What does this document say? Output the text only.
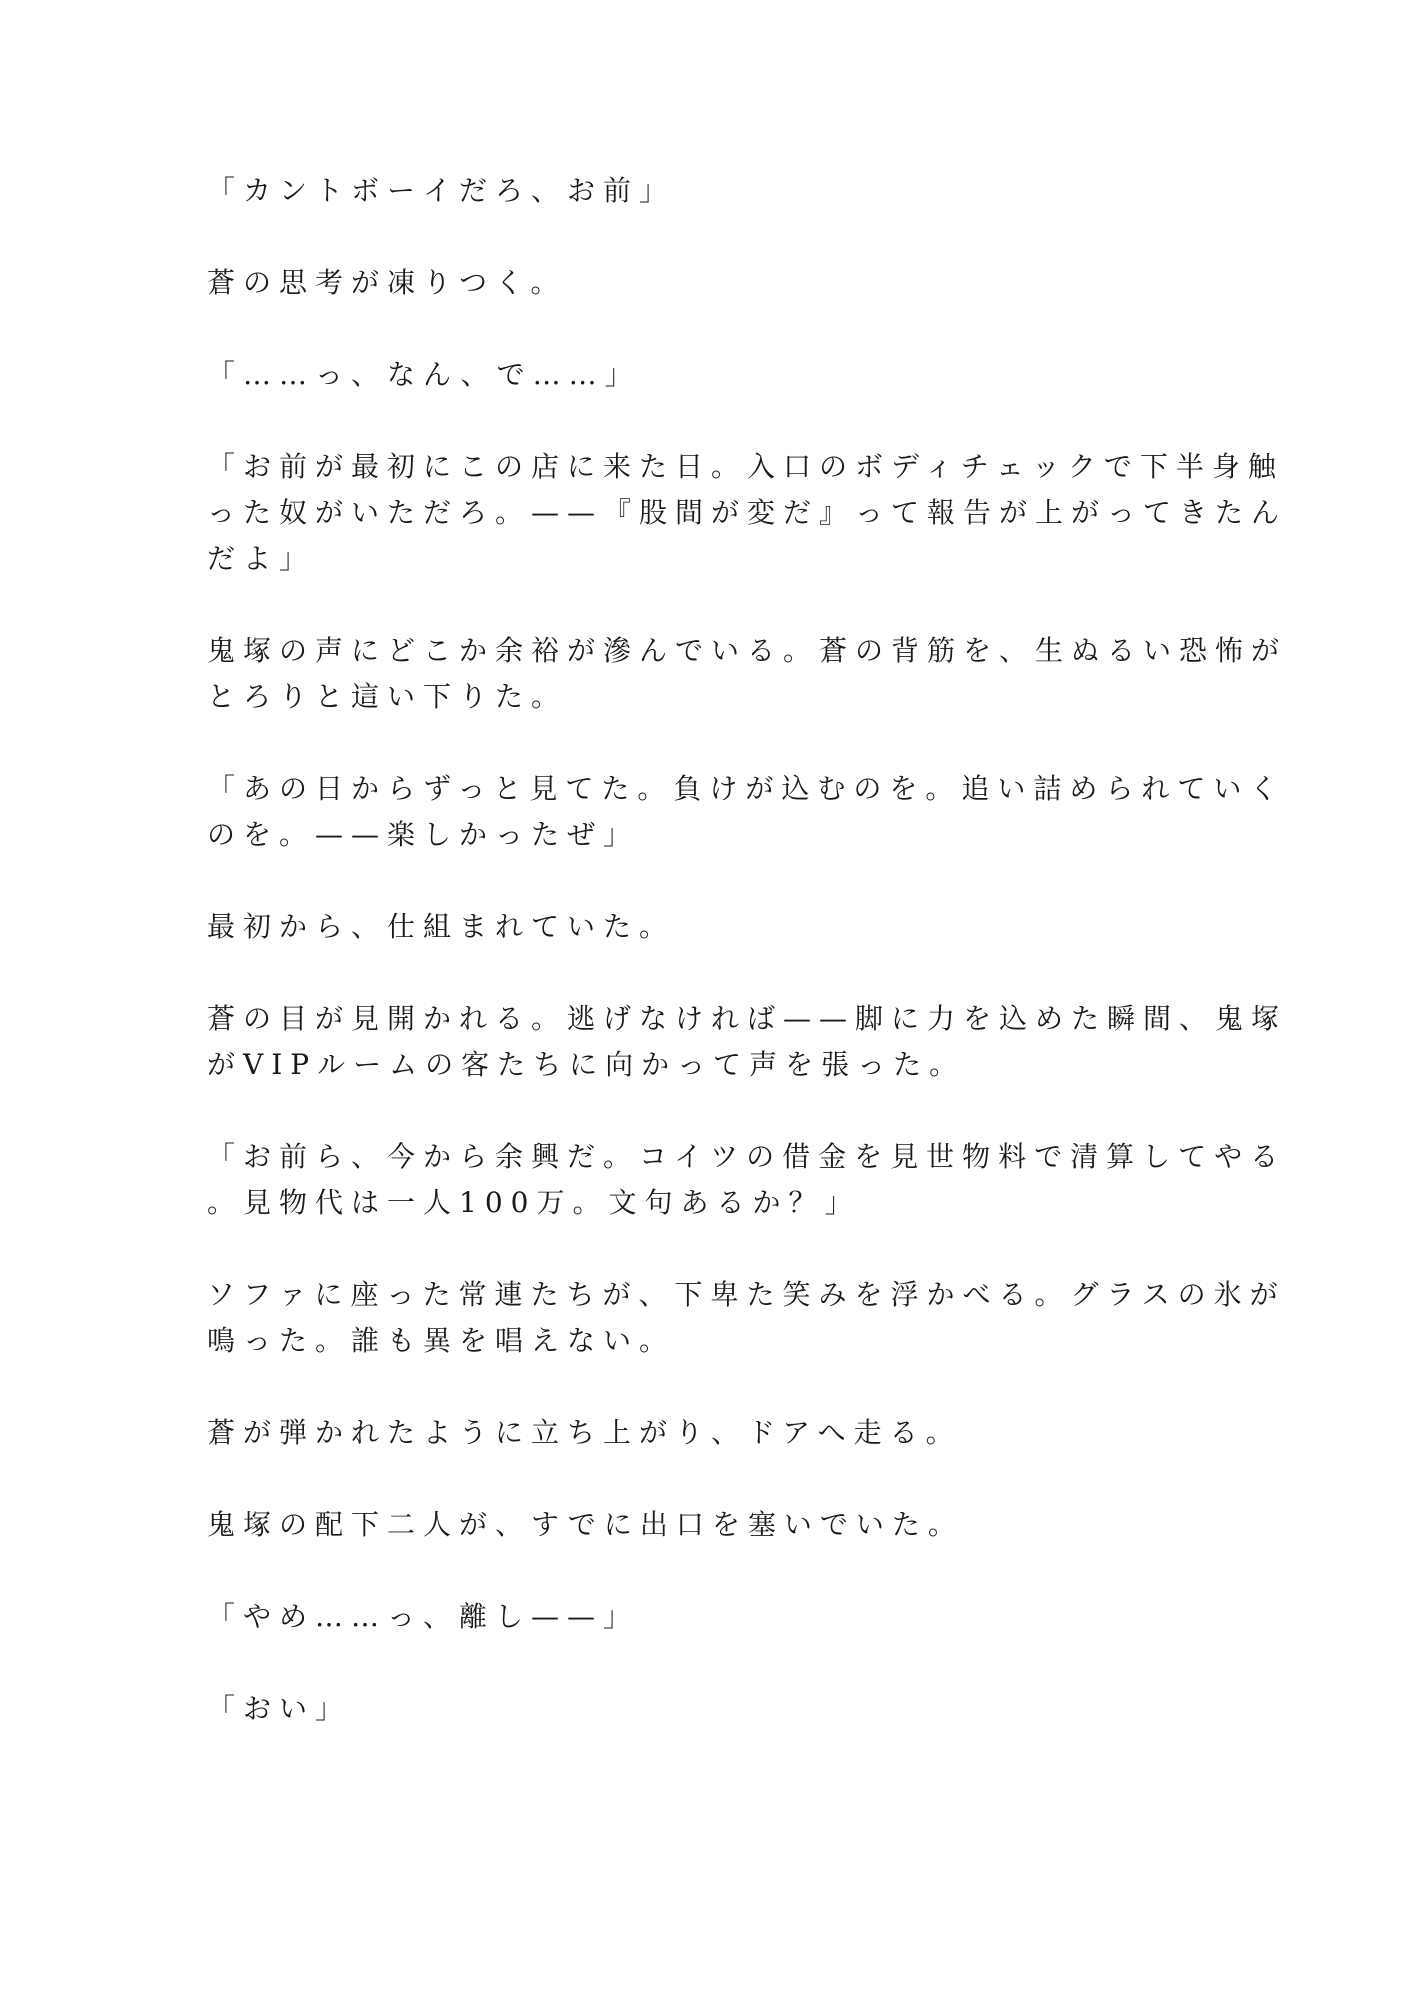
「カントボーイだろ、お前」

蒼の思考が凍りつく。

「……っ、なん、で……」

「お前が最初にこの店に来た日。入口のボディチェックで下半身触
った奴がいただろ。——『股間が変だ』って報告が上がってきたん
だよ」

鬼塚の声にどこか余裕が滲んでいる。蒼の背筋を、生ぬるい恐怖が
とろりと這い下りた。

「あの日からずっと見てた。負けが込むのを。追い詰められていく
のを。——楽しかったぜ」

最初から、仕組まれていた。

蒼の目が見開かれる。逃げなければ——脚に力を込めた瞬間、鬼塚
がVIPルームの客たちに向かって声を張った。

「お前ら、今から余興だ。コイツの借金を見世物料で清算してやる
。見物代は一人100万。文句あるか？」

ソファに座った常連たちが、下卑た笑みを浮かべる。グラスの氷が
鳴った。誰も異を唱えない。

蒼が弾かれたように立ち上がり、ドアへ走る。

鬼塚の配下二人が、すでに出口を塞いでいた。

「やめ……っ、離し——」

「おい」
